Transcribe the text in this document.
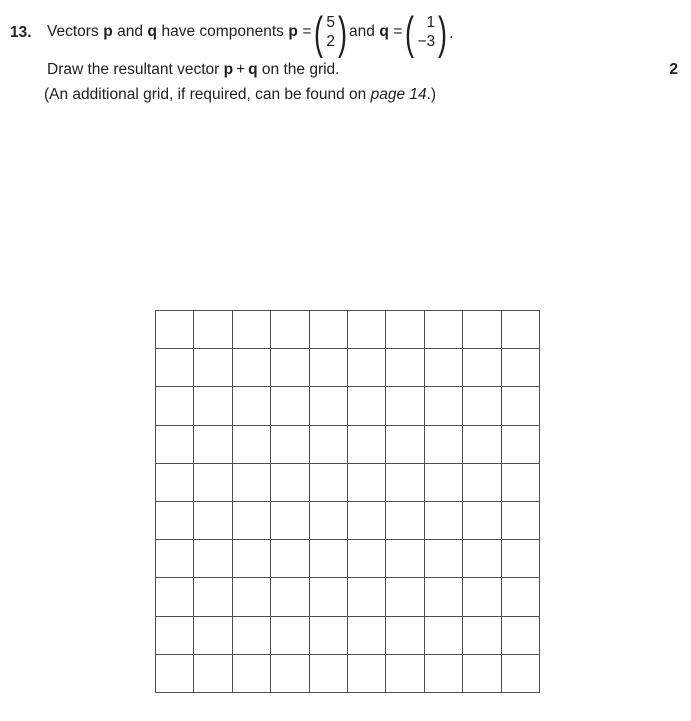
13. Vectors p and q have components p = ( 5
2 ) and q = ( 1
−3 ) .
Draw the resultant vector p + q on the grid.	2
(An additional grid, if required, can be found on page 14.)
